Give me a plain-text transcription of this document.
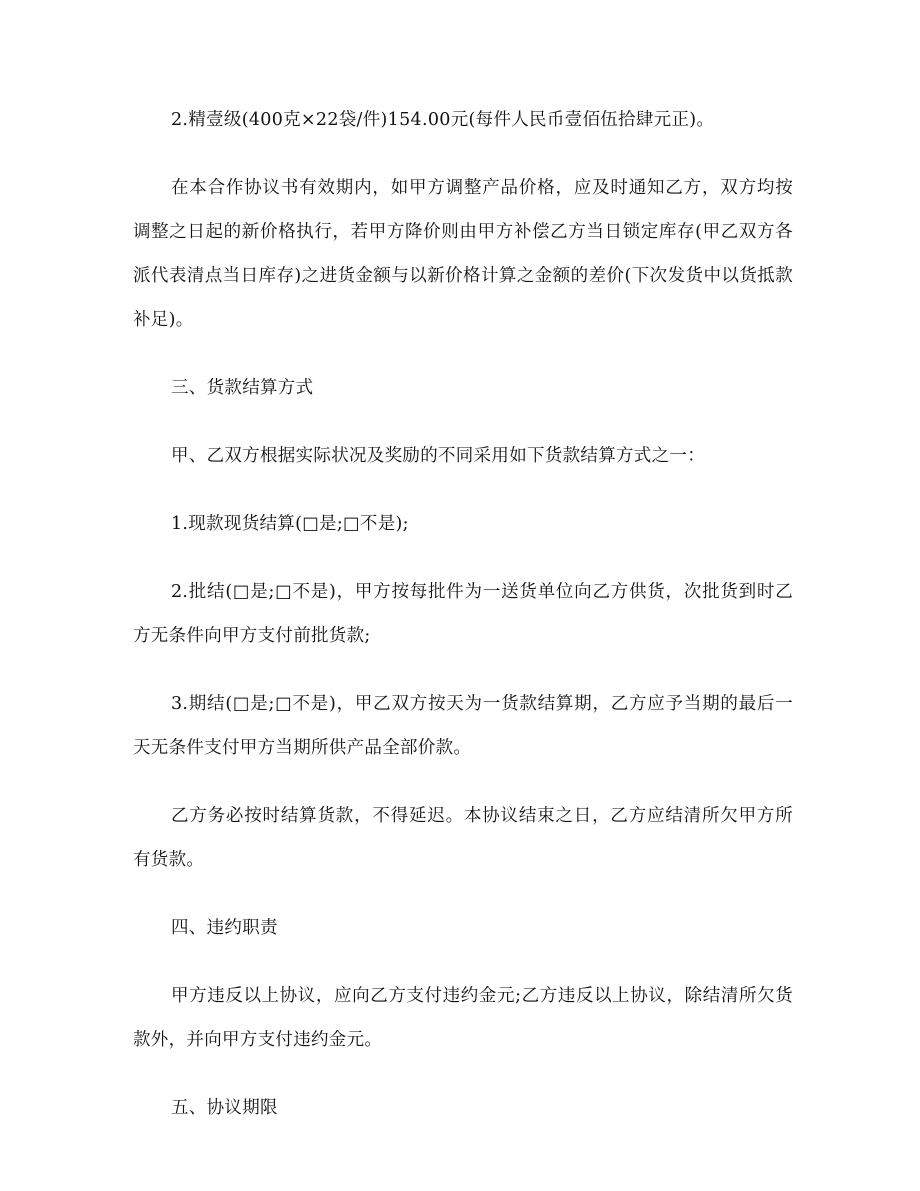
2.精壹级(400克×22袋/件)154.00元(每件人民币壹佰伍拾肆元正)。

在本合作协议书有效期内，如甲方调整产品价格，应及时通知乙方，双方均按调整之日起的新价格执行，若甲方降价则由甲方补偿乙方当日锁定库存(甲乙双方各派代表清点当日库存)之进货金额与以新价格计算之金额的差价(下次发货中以货抵款补足)。

三、货款结算方式

甲、乙双方根据实际状况及奖励的不同采用如下货款结算方式之一：

1.现款现货结算(□是;□不是);

2.批结(□是;□不是)，甲方按每批件为一送货单位向乙方供货，次批货到时乙方无条件向甲方支付前批货款;

3.期结(□是;□不是)，甲乙双方按天为一货款结算期，乙方应予当期的最后一天无条件支付甲方当期所供产品全部价款。

乙方务必按时结算货款，不得延迟。本协议结束之日，乙方应结清所欠甲方所有货款。

四、违约职责

甲方违反以上协议，应向乙方支付违约金元;乙方违反以上协议，除结清所欠货款外，并向甲方支付违约金元。

五、协议期限
